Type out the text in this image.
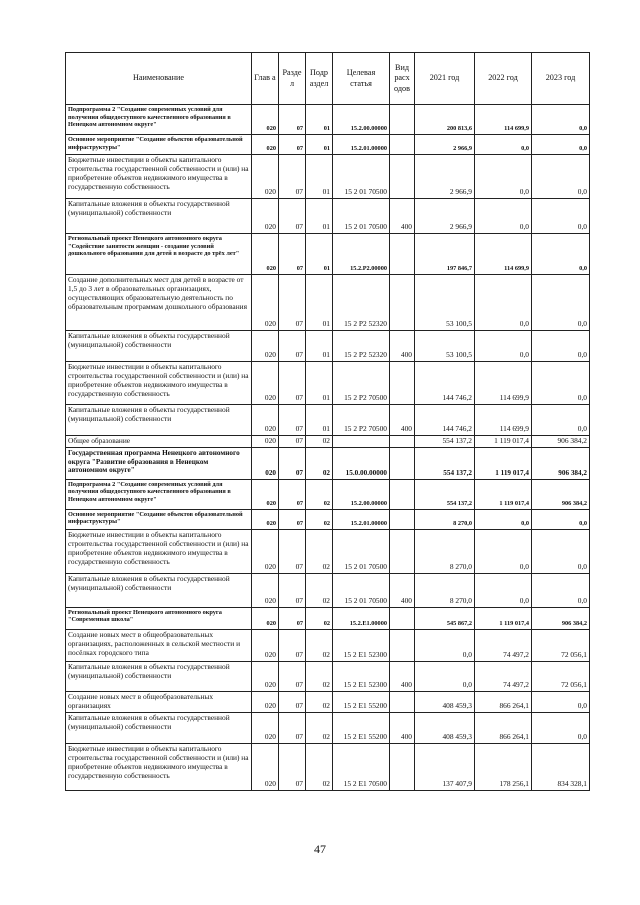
Наименование	Глав а	Разде л	Подр аздел	Целевая статья	Вид расх одов	2021 год	2022 год	2023 год
Подпрограмма 2 "Создание современных условий для получения общедоступного качественного образования в Ненецком автономном округе"	020	07	01	15.2.00.00000		200 813,6	114 699,9	0,0
Основное мероприятие "Создание объектов образовательной инфраструктуры"	020	07	01	15.2.01.00000		2 966,9	0,0	0,0
Бюджетные инвестиции в объекты капитального строительства государственной собственности и (или) на приобретение объектов недвижимого имущества в государственную собственность	020	07	01	15 2 01 70500		2 966,9	0,0	0,0
Капитальные вложения в объекты государственной (муниципальной) собственности	020	07	01	15 2 01 70500	400	2 966,9	0,0	0,0
Региональный проект Ненецкого автономного округа "Содействие занятости женщин - создание условий дошкольного образования для детей в возрасте до трёх лет"	020	07	01	15.2.Р2.00000		197 846,7	114 699,9	0,0
Создание дополнительных мест для детей в возрасте от 1,5 до 3 лет в образовательных организациях, осуществляющих образовательную деятельность по образовательным программам дошкольного образования	020	07	01	15 2 Р2 52320		53 100,5	0,0	0,0
Капитальные вложения в объекты государственной (муниципальной) собственности	020	07	01	15 2 Р2 52320	400	53 100,5	0,0	0,0
Бюджетные инвестиции в объекты капитального строительства государственной собственности и (или) на приобретение объектов недвижимого имущества в государственную собственность	020	07	01	15 2 Р2 70500		144 746,2	114 699,9	0,0
Капитальные вложения в объекты государственной (муниципальной) собственности	020	07	01	15 2 Р2 70500	400	144 746,2	114 699,9	0,0
Общее образование	020	07	02			554 137,2	1 119 017,4	906 384,2
Государственная программа Ненецкого автономного округа "Развитие образования в Ненецком автономном округе"	020	07	02	15.0.00.00000		554 137,2	1 119 017,4	906 384,2
Подпрограмма 2 "Создание современных условий для получения общедоступного качественного образования в Ненецком автономном округе"	020	07	02	15.2.00.00000		554 137,2	1 119 017,4	906 384,2
Основное мероприятие "Создание объектов образовательной инфраструктуры"	020	07	02	15.2.01.00000		8 270,0	0,0	0,0
Бюджетные инвестиции в объекты капитального строительства государственной собственности и (или) на приобретение объектов недвижимого имущества в государственную собственность	020	07	02	15 2 01 70500		8 270,0	0,0	0,0
Капитальные вложения в объекты государственной (муниципальной) собственности	020	07	02	15 2 01 70500	400	8 270,0	0,0	0,0
Региональный проект Ненецкого автономного округа "Современная школа"	020	07	02	15.2.Е1.00000		545 867,2	1 119 017,4	906 384,2
Создание новых мест в общеобразовательных организациях, расположенных в сельской местности и посёлках городского типа	020	07	02	15 2 Е1 52300		0,0	74 497,2	72 056,1
Капитальные вложения в объекты государственной (муниципальной) собственности	020	07	02	15 2 Е1 52300	400	0,0	74 497,2	72 056,1
Создание новых мест в общеобразовательных организациях	020	07	02	15 2 Е1 55200		408 459,3	866 264,1	0,0
Капитальные вложения в объекты государственной (муниципальной) собственности	020	07	02	15 2 Е1 55200	400	408 459,3	866 264,1	0,0
Бюджетные инвестиции в объекты капитального строительства государственной собственности и (или) на приобретение объектов недвижимого имущества в государственную собственность	020	07	02	15 2 Е1 70500		137 407,9	178 256,1	834 328,1
47
